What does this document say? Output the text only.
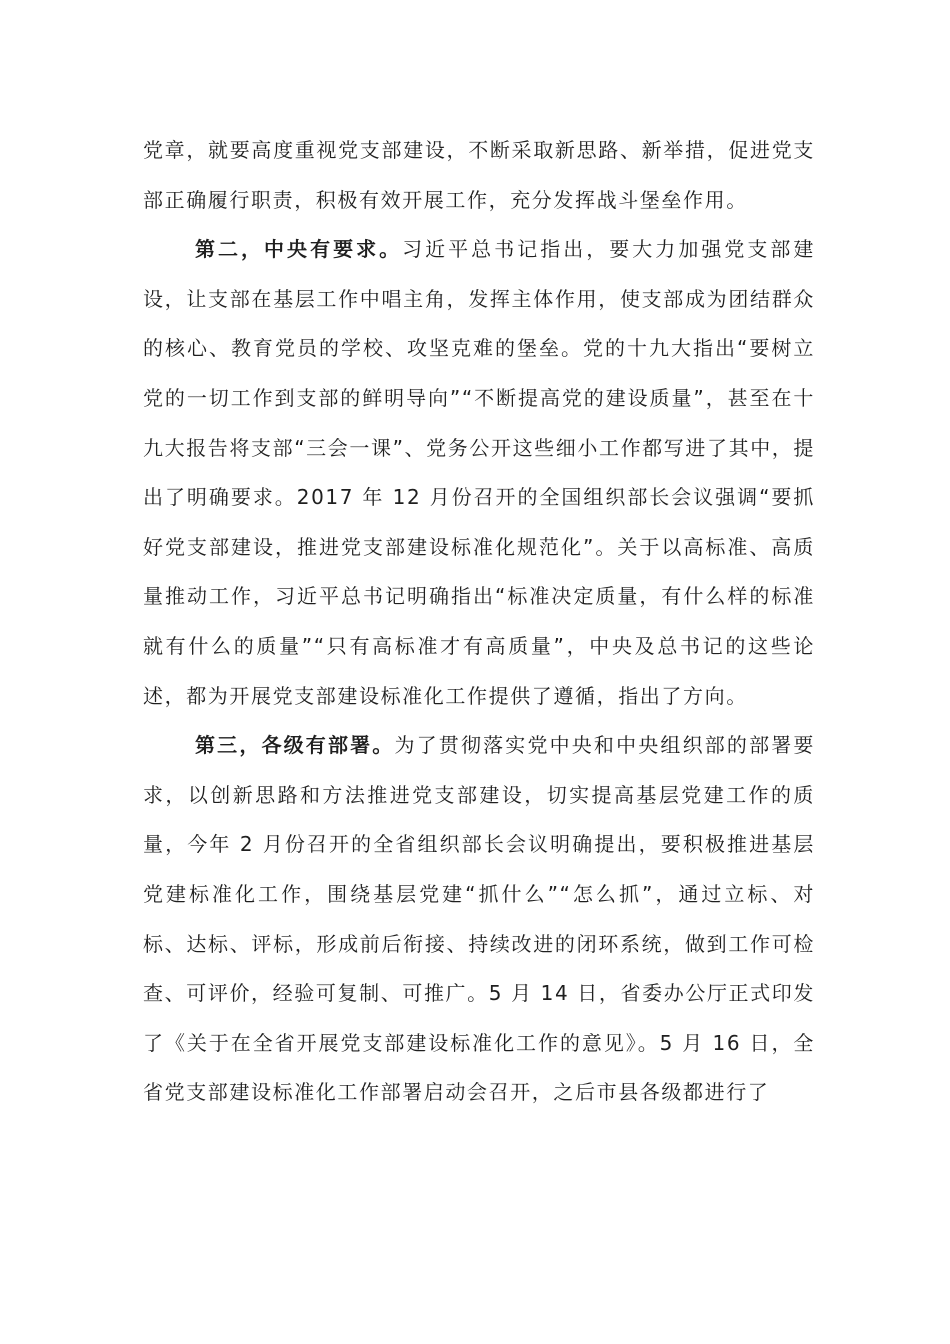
党章，就要高度重视党支部建设，不断采取新思路、新举措，促进党支部正确履行职责，积极有效开展工作，充分发挥战斗堡垒作用。

第二，中央有要求。习近平总书记指出，要大力加强党支部建设，让支部在基层工作中唱主角，发挥主体作用，使支部成为团结群众的核心、教育党员的学校、攻坚克难的堡垒。党的十九大指出“要树立党的一切工作到支部的鲜明导向”“不断提高党的建设质量”，甚至在十九大报告将支部“三会一课”、党务公开这些细小工作都写进了其中，提出了明确要求。2017 年 12 月份召开的全国组织部长会议强调“要抓好党支部建设，推进党支部建设标准化规范化”。关于以高标准、高质量推动工作，习近平总书记明确指出“标准决定质量，有什么样的标准就有什么的质量”“只有高标准才有高质量”，中央及总书记的这些论述，都为开展党支部建设标准化工作提供了遵循，指出了方向。

第三，各级有部署。为了贯彻落实党中央和中央组织部的部署要求，以创新思路和方法推进党支部建设，切实提高基层党建工作的质量，今年 2 月份召开的全省组织部长会议明确提出，要积极推进基层党建标准化工作，围绕基层党建“抓什么”“怎么抓”，通过立标、对标、达标、评标，形成前后衔接、持续改进的闭环系统，做到工作可检查、可评价，经验可复制、可推广。5 月 14 日，省委办公厅正式印发了《关于在全省开展党支部建设标准化工作的意见》。5 月 16 日，全省党支部建设标准化工作部署启动会召开，之后市县各级都进行了
